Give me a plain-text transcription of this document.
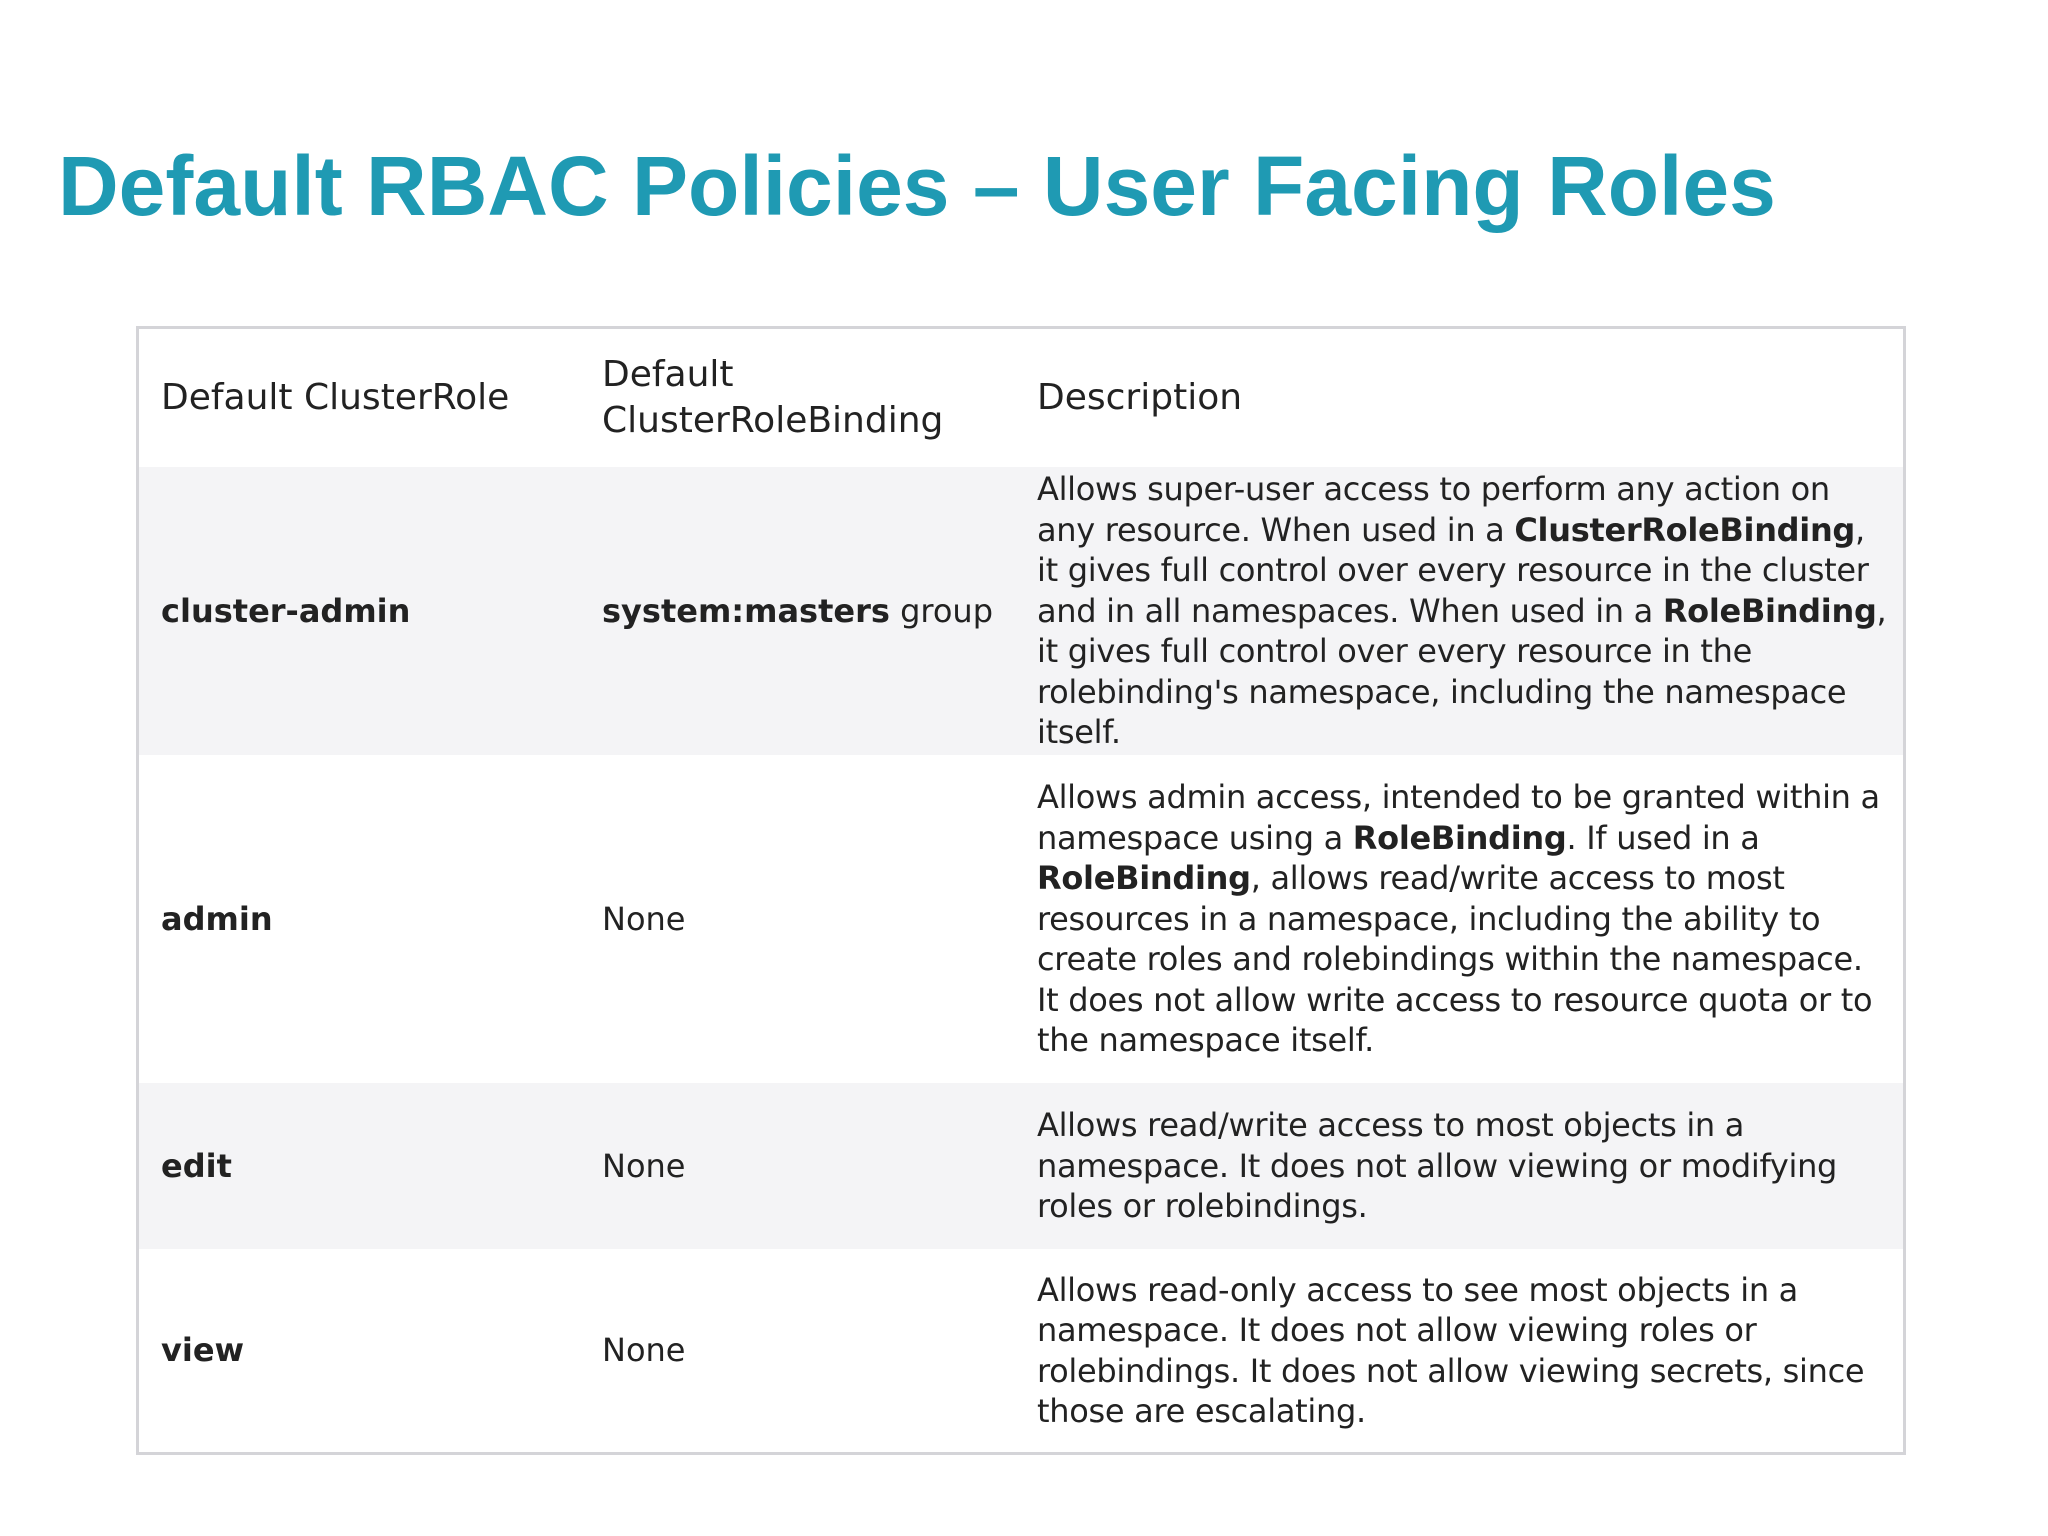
Default RBAC Policies – User Facing Roles
Default ClusterRole	Default ClusterRoleBinding	Description
cluster-admin	system:masters group	Allows super-user access to perform any action on any resource. When used in a ClusterRoleBinding, it gives full control over every resource in the cluster and in all namespaces. When used in a RoleBinding, it gives full control over every resource in the rolebinding's namespace, including the namespace itself.
admin	None	Allows admin access, intended to be granted within a namespace using a RoleBinding. If used in a RoleBinding, allows read/write access to most resources in a namespace, including the ability to create roles and rolebindings within the namespace. It does not allow write access to resource quota or to the namespace itself.
edit	None	Allows read/write access to most objects in a namespace. It does not allow viewing or modifying roles or rolebindings.
view	None	Allows read-only access to see most objects in a namespace. It does not allow viewing roles or rolebindings. It does not allow viewing secrets, since those are escalating.
